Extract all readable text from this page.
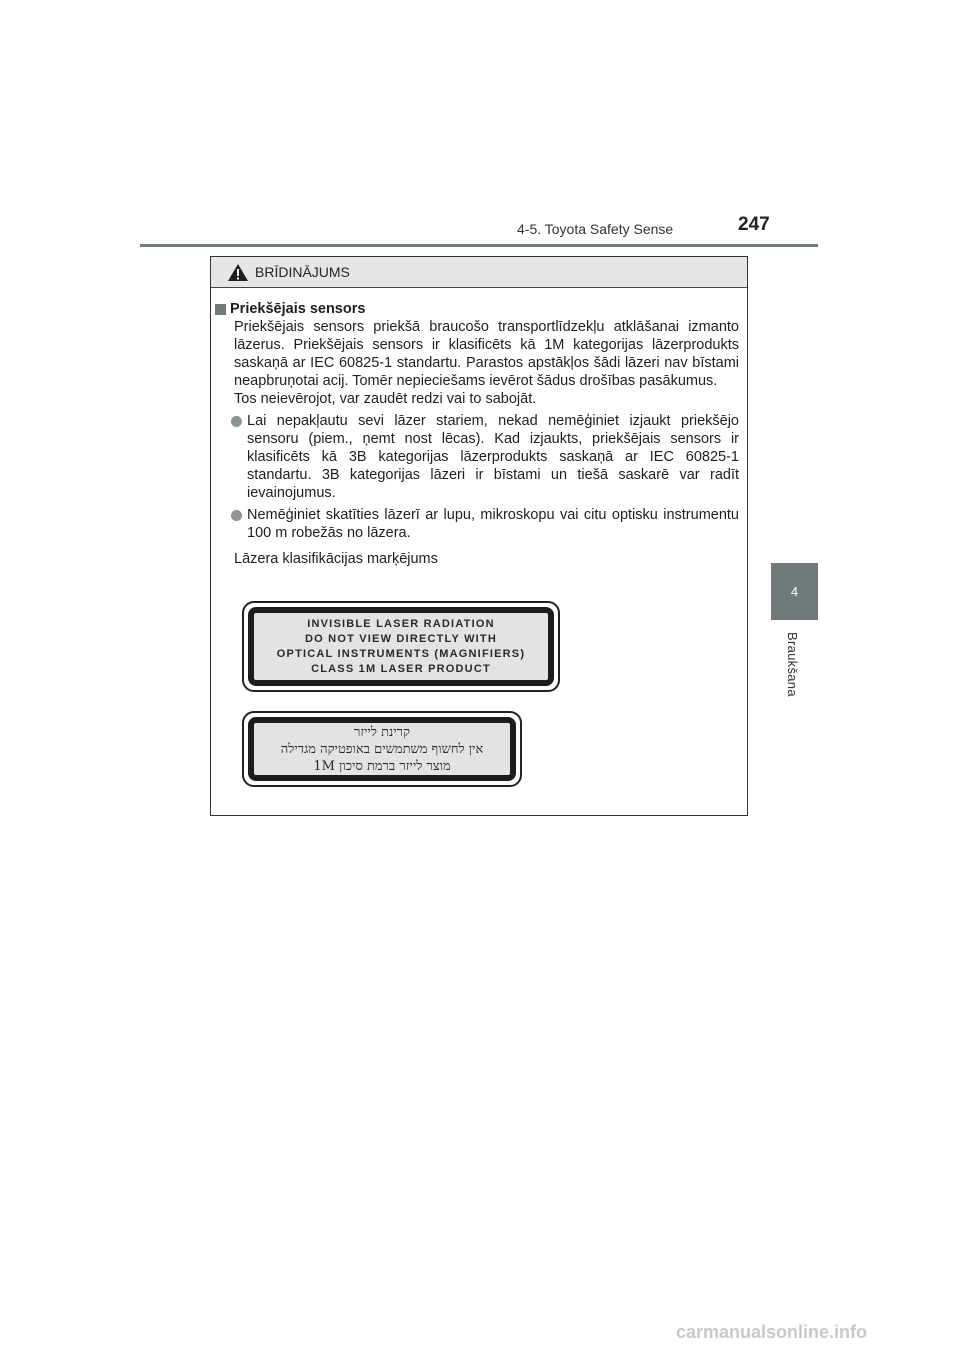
4-5. Toyota Safety Sense	247
4
Braukšana
BRĪDINĀJUMS
Priekšējais sensors
Priekšējais sensors priekšā braucošo transportlīdzekļu atklāšanai izmanto lāzerus. Priekšējais sensors ir klasificēts kā 1M kategorijas lāzerprodukts saskaņā ar IEC 60825-1 standartu. Parastos apstākļos šādi lāzeri nav bīstami neapbruņotai acij. Tomēr nepieciešams ievērot šādus drošības pasākumus.
Tos neievērojot, var zaudēt redzi vai to sabojāt.
Lai nepakļautu sevi lāzer stariem, nekad nemēģiniet izjaukt priekšējo sensoru (piem., ņemt nost lēcas). Kad izjaukts, priekšējais sensors ir klasificēts kā 3B kategorijas lāzerprodukts saskaņā ar IEC 60825-1 standartu. 3B kategorijas lāzeri ir bīstami un tiešā saskarē var radīt ievainojumus.
Nemēģiniet skatīties lāzerī ar lupu, mikroskopu vai citu optisku instrumentu 100 m robežās no lāzera.
Lāzera klasifikācijas marķējums
INVISIBLE LASER RADIATION
DO NOT VIEW DIRECTLY WITH
OPTICAL INSTRUMENTS (MAGNIFIERS)
CLASS 1M LASER PRODUCT
קרינת לייזר
אין לחשוף משתמשים באופטיקה מגדילה
מוצר לייזר ברמת סיכון 1M
carmanualsonline.info
